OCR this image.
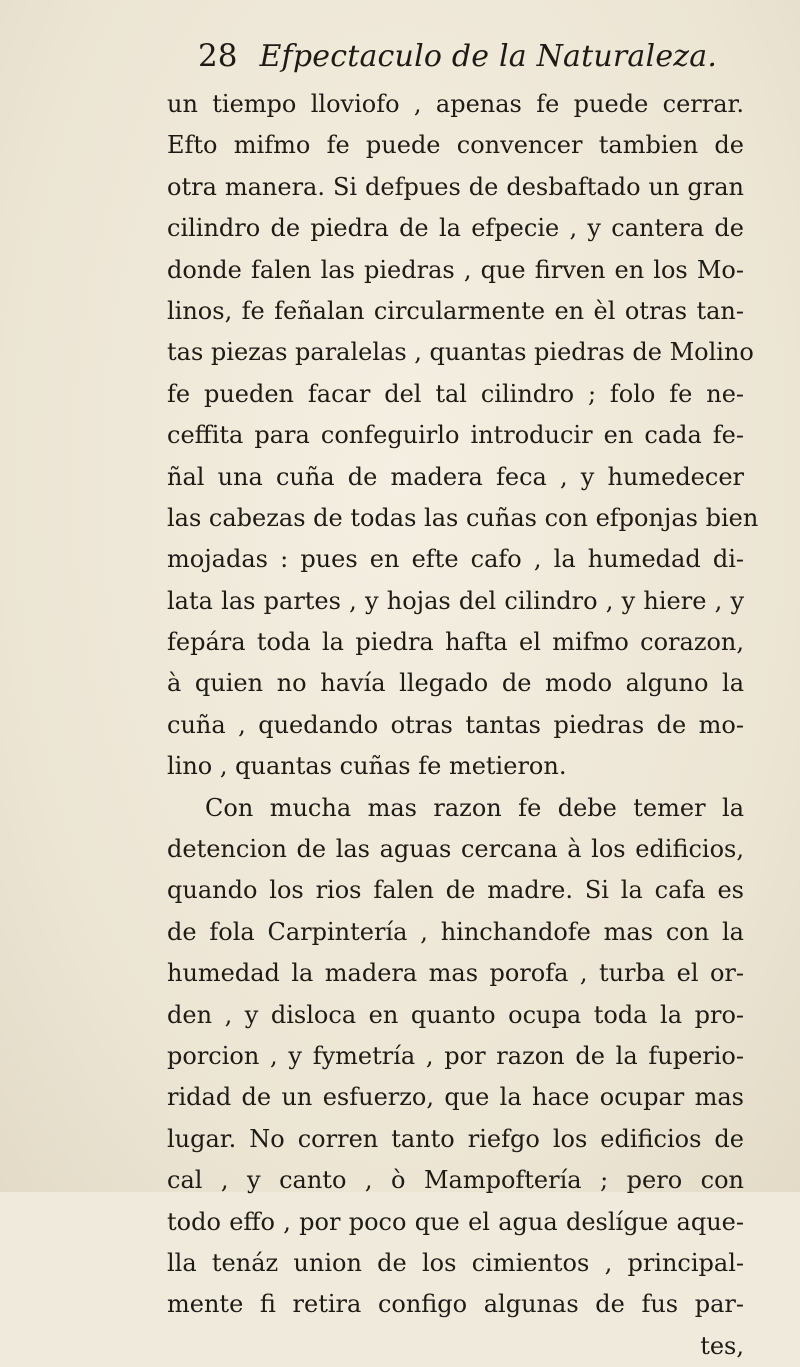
28 Efpectaculo de la Naturaleza.
un tiempo lloviofo , apenas fe puede cerrar.
Efto mifmo fe puede convencer tambien de
otra manera. Si defpues de desbaftado un gran
cilindro de piedra de la efpecie , y cantera de
donde falen las piedras , que firven en los Mo-
linos, fe feñalan circularmente en èl otras tan-
tas piezas paralelas , quantas piedras de Molino
fe pueden facar del tal cilindro ; folo fe ne-
ceffita para confeguirlo introducir en cada fe-
ñal una cuña de madera feca , y humedecer
las cabezas de todas las cuñas con efponjas bien
mojadas : pues en efte cafo , la humedad di-
lata las partes , y hojas del cilindro , y hiere , y
fepára toda la piedra hafta el mifmo corazon,
à quien no havía llegado de modo alguno la
cuña , quedando otras tantas piedras de mo-
lino , quantas cuñas fe metieron.
Con mucha mas razon fe debe temer la
detencion de las aguas cercana à los edificios,
quando los rios falen de madre. Si la cafa es
de fola Carpintería , hinchandofe mas con la
humedad la madera mas porofa , turba el or-
den , y disloca en quanto ocupa toda la pro-
porcion , y fymetría , por razon de la fuperio-
ridad de un esfuerzo, que la hace ocupar mas
lugar. No corren tanto riefgo los edificios de
cal , y canto , ò Mampoftería ; pero con
todo effo , por poco que el agua deslígue aque-
lla tenáz union de los cimientos , principal-
mente fi retira configo algunas de fus par-
tes,
